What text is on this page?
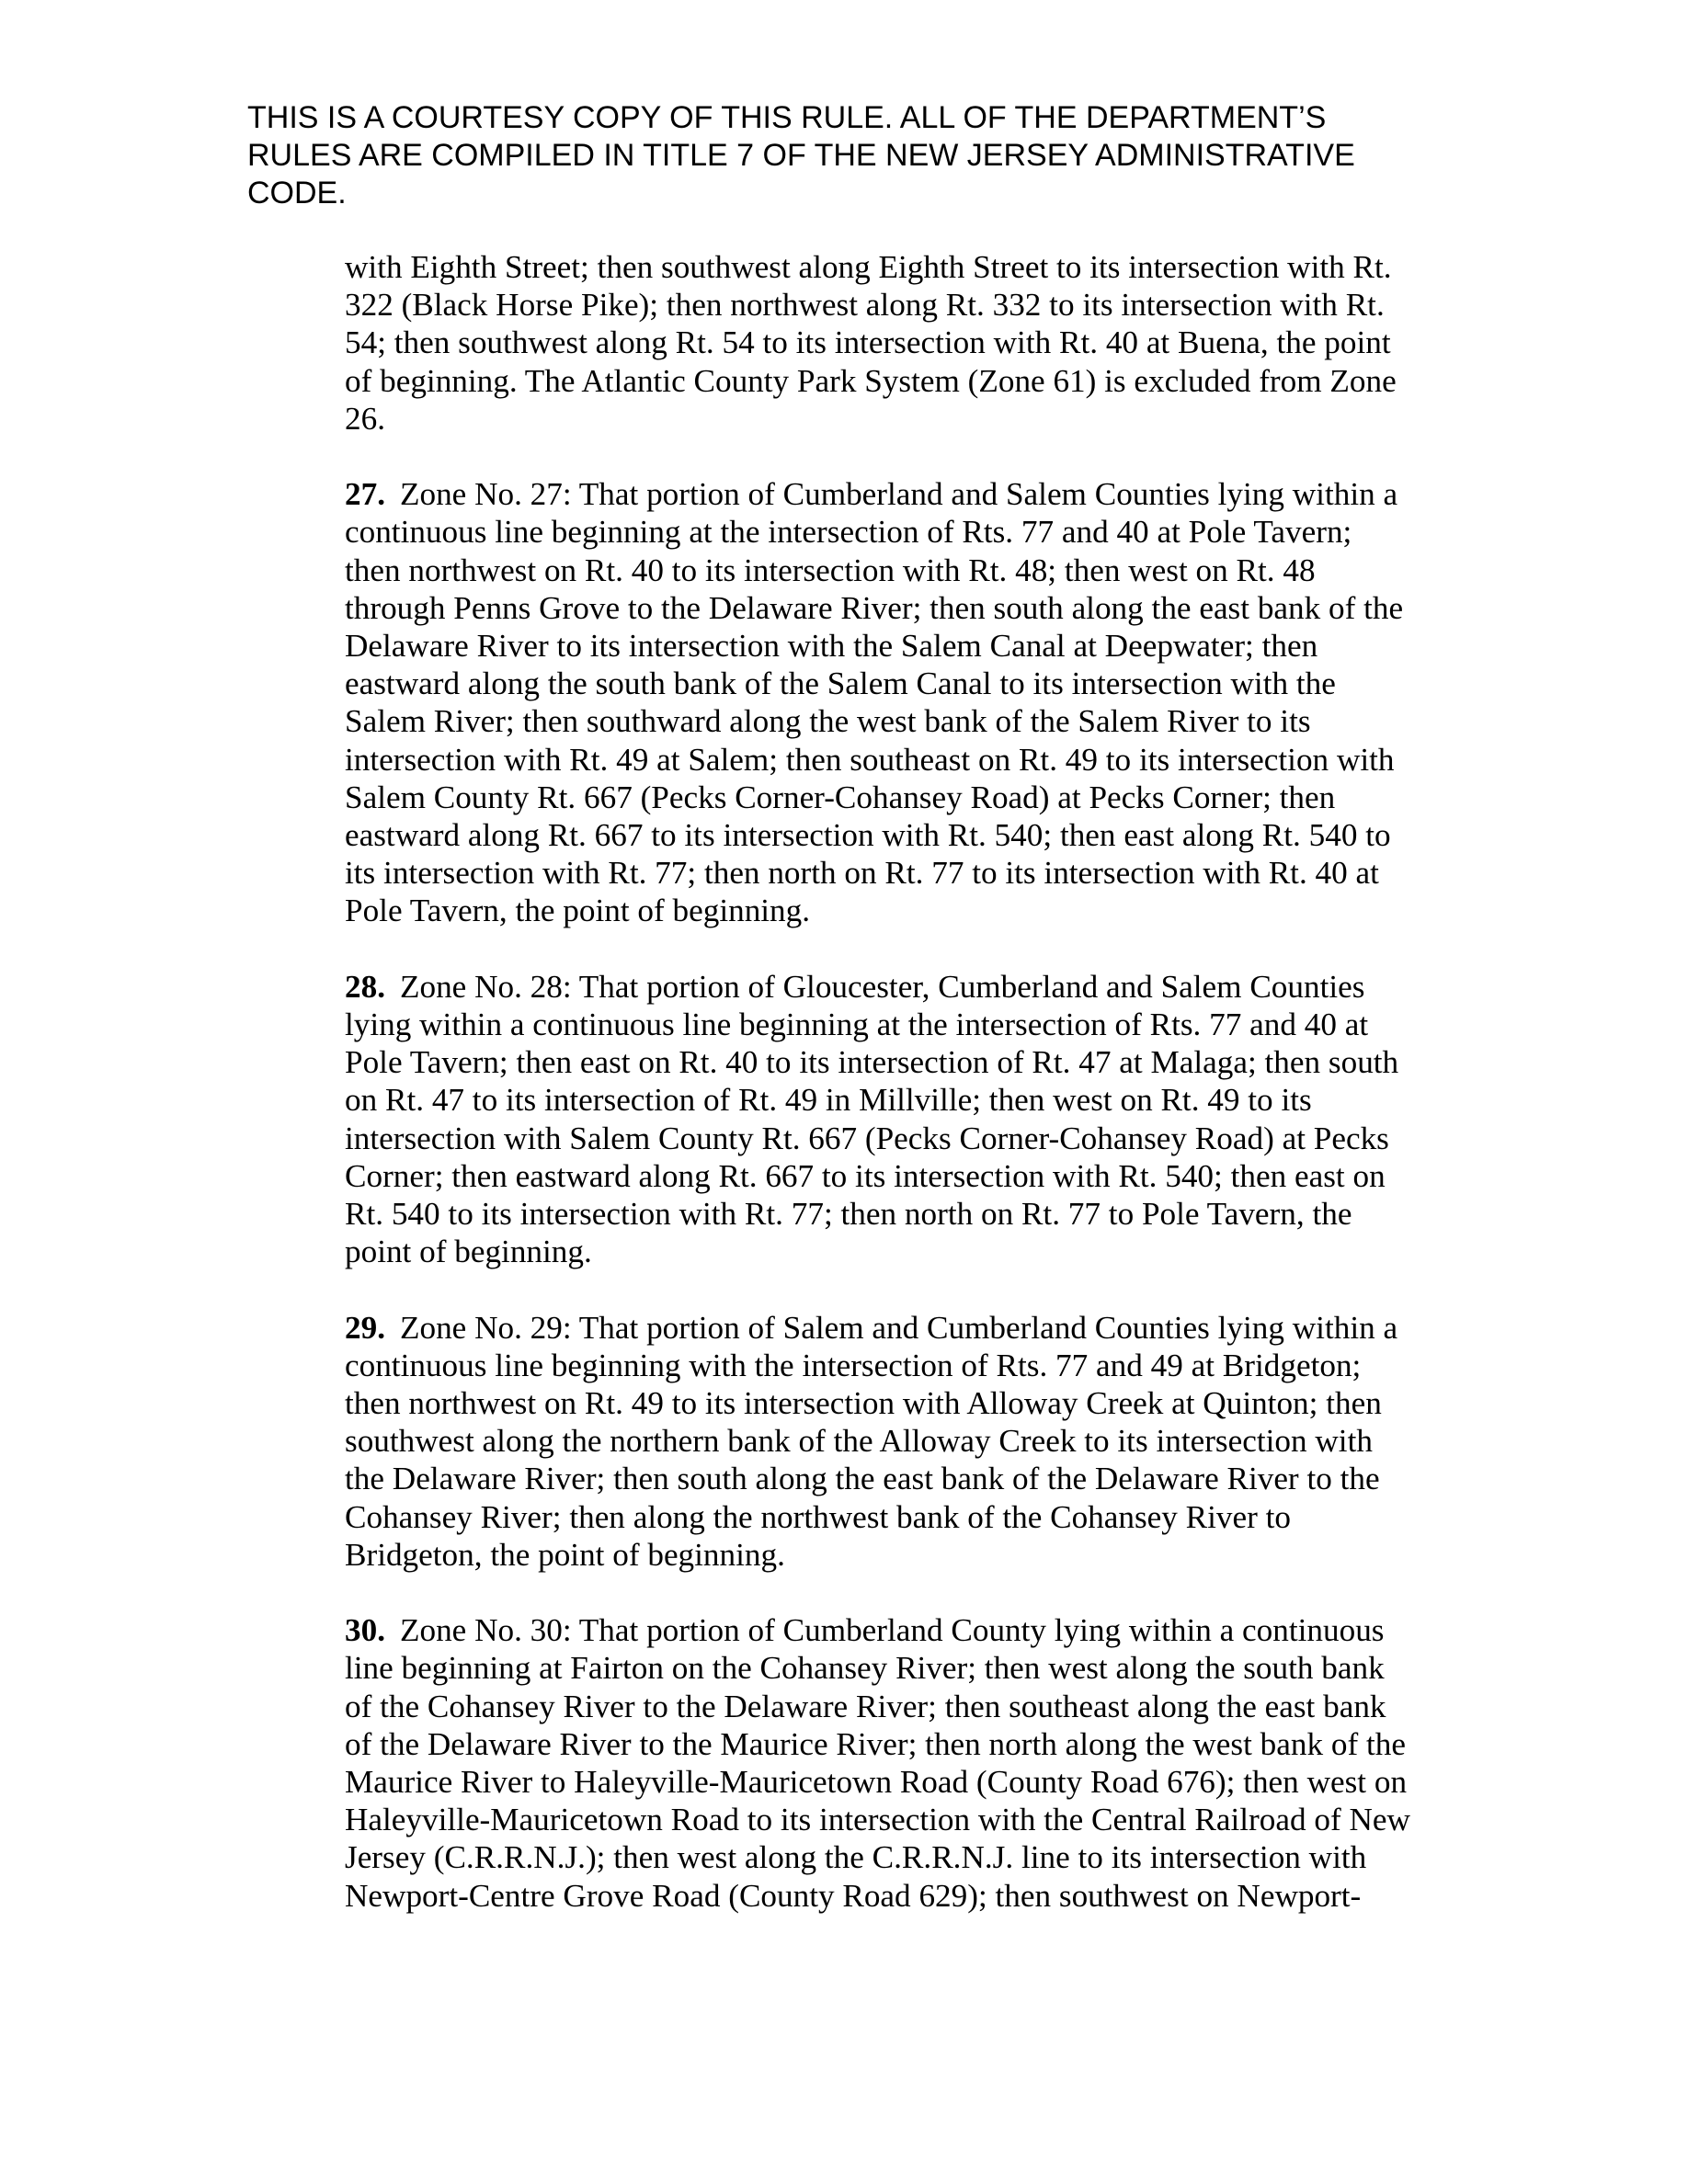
THIS IS A COURTESY COPY OF THIS RULE. ALL OF THE DEPARTMENT’S

RULES ARE COMPILED IN TITLE 7 OF THE NEW JERSEY ADMINISTRATIVE

CODE.

with Eighth Street; then southwest along Eighth Street to its intersection with Rt.
322 (Black Horse Pike); then northwest along Rt. 332 to its intersection with Rt.
54; then southwest along Rt. 54 to its intersection with Rt. 40 at Buena, the point
of beginning. The Atlantic County Park System (Zone 61) is excluded from Zone
26.

27. Zone No. 27: That portion of Cumberland and Salem Counties lying within a
continuous line beginning at the intersection of Rts. 77 and 40 at Pole Tavern;
then northwest on Rt. 40 to its intersection with Rt. 48; then west on Rt. 48
through Penns Grove to the Delaware River; then south along the east bank of the
Delaware River to its intersection with the Salem Canal at Deepwater; then
eastward along the south bank of the Salem Canal to its intersection with the
Salem River; then southward along the west bank of the Salem River to its
intersection with Rt. 49 at Salem; then southeast on Rt. 49 to its intersection with
Salem County Rt. 667 (Pecks Corner-Cohansey Road) at Pecks Corner; then
eastward along Rt. 667 to its intersection with Rt. 540; then east along Rt. 540 to
its intersection with Rt. 77; then north on Rt. 77 to its intersection with Rt. 40 at
Pole Tavern, the point of beginning.

28. Zone No. 28: That portion of Gloucester, Cumberland and Salem Counties
lying within a continuous line beginning at the intersection of Rts. 77 and 40 at
Pole Tavern; then east on Rt. 40 to its intersection of Rt. 47 at Malaga; then south
on Rt. 47 to its intersection of Rt. 49 in Millville; then west on Rt. 49 to its
intersection with Salem County Rt. 667 (Pecks Corner-Cohansey Road) at Pecks
Corner; then eastward along Rt. 667 to its intersection with Rt. 540; then east on
Rt. 540 to its intersection with Rt. 77; then north on Rt. 77 to Pole Tavern, the
point of beginning.

29. Zone No. 29: That portion of Salem and Cumberland Counties lying within a
continuous line beginning with the intersection of Rts. 77 and 49 at Bridgeton;
then northwest on Rt. 49 to its intersection with Alloway Creek at Quinton; then
southwest along the northern bank of the Alloway Creek to its intersection with
the Delaware River; then south along the east bank of the Delaware River to the
Cohansey River; then along the northwest bank of the Cohansey River to
Bridgeton, the point of beginning.

30. Zone No. 30: That portion of Cumberland County lying within a continuous
line beginning at Fairton on the Cohansey River; then west along the south bank
of the Cohansey River to the Delaware River; then southeast along the east bank
of the Delaware River to the Maurice River; then north along the west bank of the
Maurice River to Haleyville-Mauricetown Road (County Road 676); then west on
Haleyville-Mauricetown Road to its intersection with the Central Railroad of New
Jersey (C.R.R.N.J.); then west along the C.R.R.N.J. line to its intersection with
Newport-Centre Grove Road (County Road 629); then southwest on Newport-
